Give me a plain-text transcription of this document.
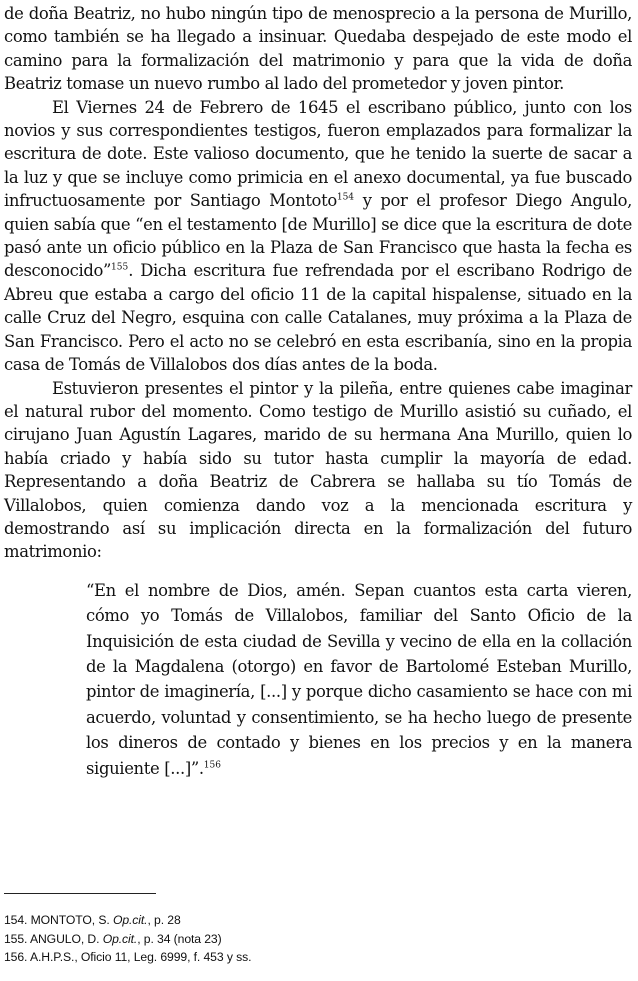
de doña Beatriz, no hubo ningún tipo de menosprecio a la persona de Murillo, como también se ha llegado a insinuar. Quedaba despejado de este modo el camino para la formalización del matrimonio y para que la vida de doña Beatriz tomase un nuevo rumbo al lado del prometedor y joven pintor.

El Viernes 24 de Febrero de 1645 el escribano público, junto con los novios y sus correspondientes testigos, fueron emplazados para formalizar la escritura de dote. Este valioso documento, que he tenido la suerte de sacar a la luz y que se incluye como primicia en el anexo documental, ya fue buscado infructuosamente por Santiago Montoto$^{154}$ y por el profesor Diego Angulo, quien sabía que “en el testamento [de Murillo] se dice que la escritura de dote pasó ante un oficio público en la Plaza de San Francisco que hasta la fecha es desconocido”$^{155}$. Dicha escritura fue refrendada por el escribano Rodrigo de Abreu que estaba a cargo del oficio 11 de la capital hispalense, situado en la calle Cruz del Negro, esquina con calle Catalanes, muy próxima a la Plaza de San Francisco. Pero el acto no se celebró en esta escribanía, sino en la propia casa de Tomás de Villalobos dos días antes de la boda.

Estuvieron presentes el pintor y la pileña, entre quienes cabe imaginar el natural rubor del momento. Como testigo de Murillo asistió su cuñado, el cirujano Juan Agustín Lagares, marido de su hermana Ana Murillo, quien lo había criado y había sido su tutor hasta cumplir la mayoría de edad. Representando a doña Beatriz de Cabrera se hallaba su tío Tomás de Villalobos, quien comienza dando voz a la mencionada escritura y demostrando así su implicación directa en la formalización del futuro matrimonio:

“En el nombre de Dios, amén. Sepan cuantos esta carta vieren, cómo yo Tomás de Villalobos, familiar del Santo Oficio de la Inquisición de esta ciudad de Sevilla y vecino de ella en la collación de la Magdalena (otorgo) en favor de Bartolomé Esteban Murillo, pintor de imaginería, [...] y porque dicho casamiento se hace con mi acuerdo, voluntad y consentimiento, se ha hecho luego de presente los dineros de contado y bienes en los precios y en la manera siguiente [...]”.$^{156}$

154. MONTOTO, S. Op.cit., p. 28
155. ANGULO, D. Op.cit., p. 34 (nota 23)
156. A.H.P.S., Oficio 11, Leg. 6999, f. 453 y ss.
